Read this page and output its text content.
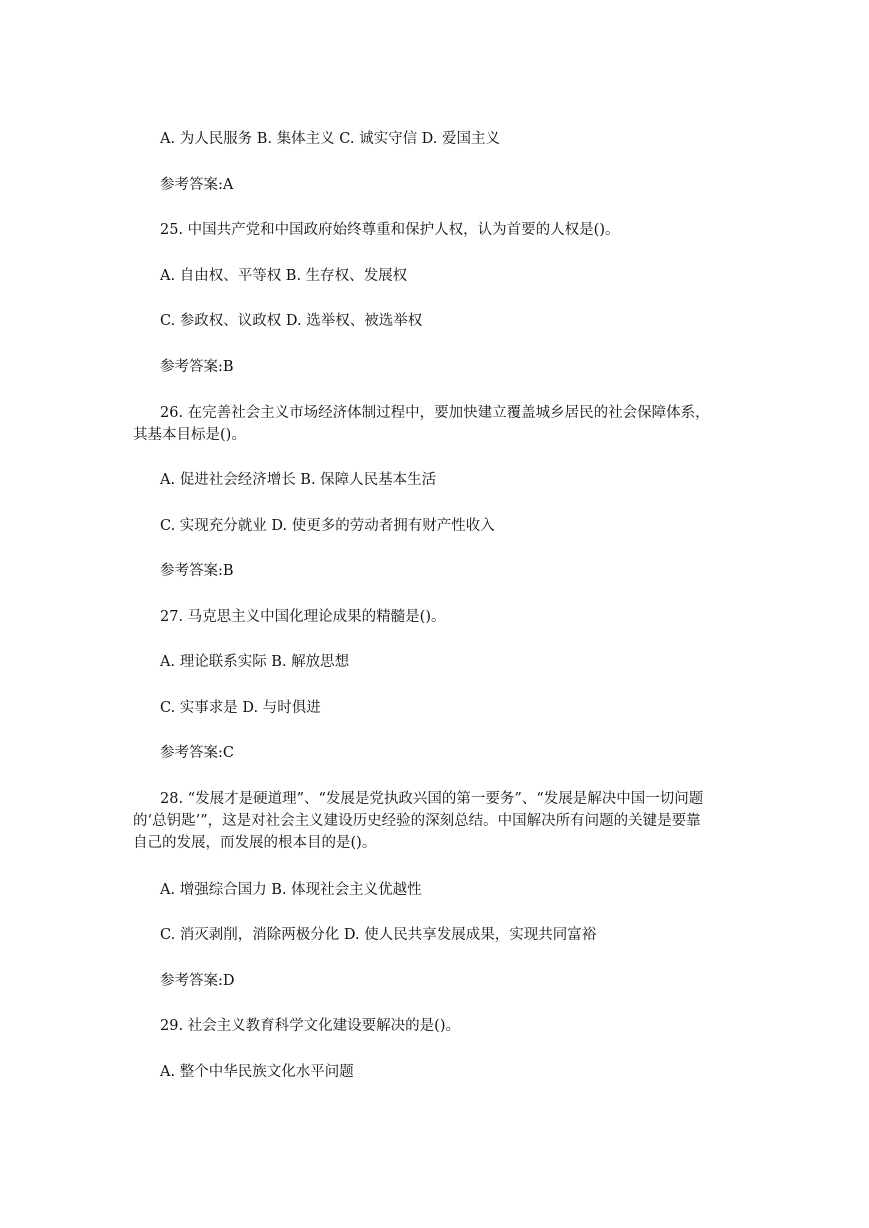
A. 为人民服务 B. 集体主义 C. 诚实守信 D. 爱国主义
参考答案:A
25. 中国共产党和中国政府始终尊重和保护人权，认为首要的人权是()。
A. 自由权、平等权 B. 生存权、发展权
C. 参政权、议政权 D. 选举权、被选举权
参考答案:B
26. 在完善社会主义市场经济体制过程中，要加快建立覆盖城乡居民的社会保障体系，
其基本目标是()。
A. 促进社会经济增长 B. 保障人民基本生活
C. 实现充分就业 D. 使更多的劳动者拥有财产性收入
参考答案:B
27. 马克思主义中国化理论成果的精髓是()。
A. 理论联系实际 B. 解放思想
C. 实事求是 D. 与时俱进
参考答案:C
28. “发展才是硬道理”、“发展是党执政兴国的第一要务”、“发展是解决中国一切问题
的‘总钥匙’”，这是对社会主义建设历史经验的深刻总结。中国解决所有问题的关键是要靠
自己的发展，而发展的根本目的是()。
A. 增强综合国力 B. 体现社会主义优越性
C. 消灭剥削，消除两极分化 D. 使人民共享发展成果，实现共同富裕
参考答案:D
29. 社会主义教育科学文化建设要解决的是()。
A. 整个中华民族文化水平问题
